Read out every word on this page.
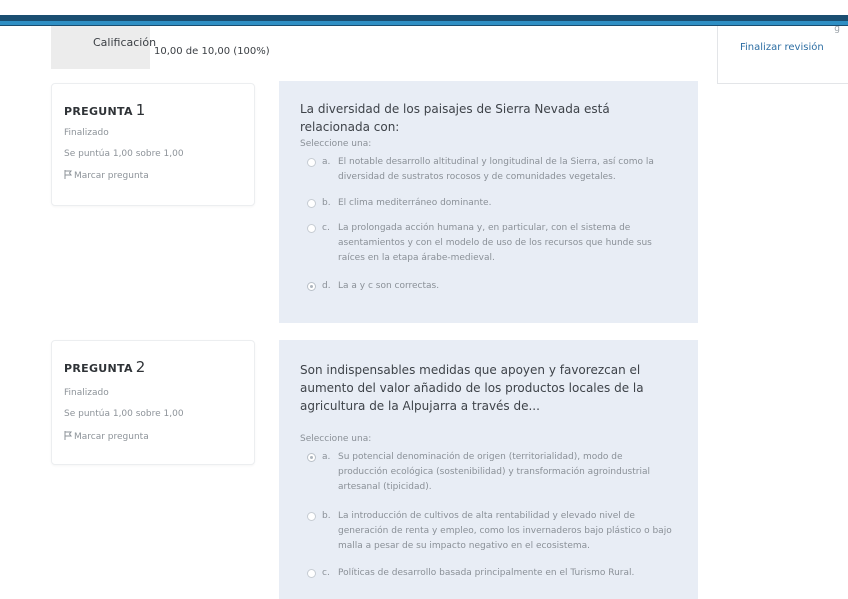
Calificación
10,00 de 10,00 (100%)
g
Finalizar revisión
PREGUNTA 1
Finalizado
Se puntúa 1,00 sobre 1,00
Marcar pregunta
La diversidad de los paisajes de Sierra Nevada está relacionada con:
Seleccione una:
a. El notable desarrollo altitudinal y longitudinal de la Sierra, así como la diversidad de sustratos rocosos y de comunidades vegetales.
b. El clima mediterráneo dominante.
c. La prolongada acción humana y, en particular, con el sistema de asentamientos y con el modelo de uso de los recursos que hunde sus raíces en la etapa árabe-medieval.
d. La a y c son correctas.
PREGUNTA 2
Finalizado
Se puntúa 1,00 sobre 1,00
Marcar pregunta
Son indispensables medidas que apoyen y favorezcan el aumento del valor añadido de los productos locales de la agricultura de la Alpujarra a través de...
Seleccione una:
a. Su potencial denominación de origen (territorialidad), modo de producción ecológica (sostenibilidad) y transformación agroindustrial artesanal (tipicidad).
b. La introducción de cultivos de alta rentabilidad y elevado nivel de generación de renta y empleo, como los invernaderos bajo plástico o bajo malla a pesar de su impacto negativo en el ecosistema.
c. Políticas de desarrollo basada principalmente en el Turismo Rural.
